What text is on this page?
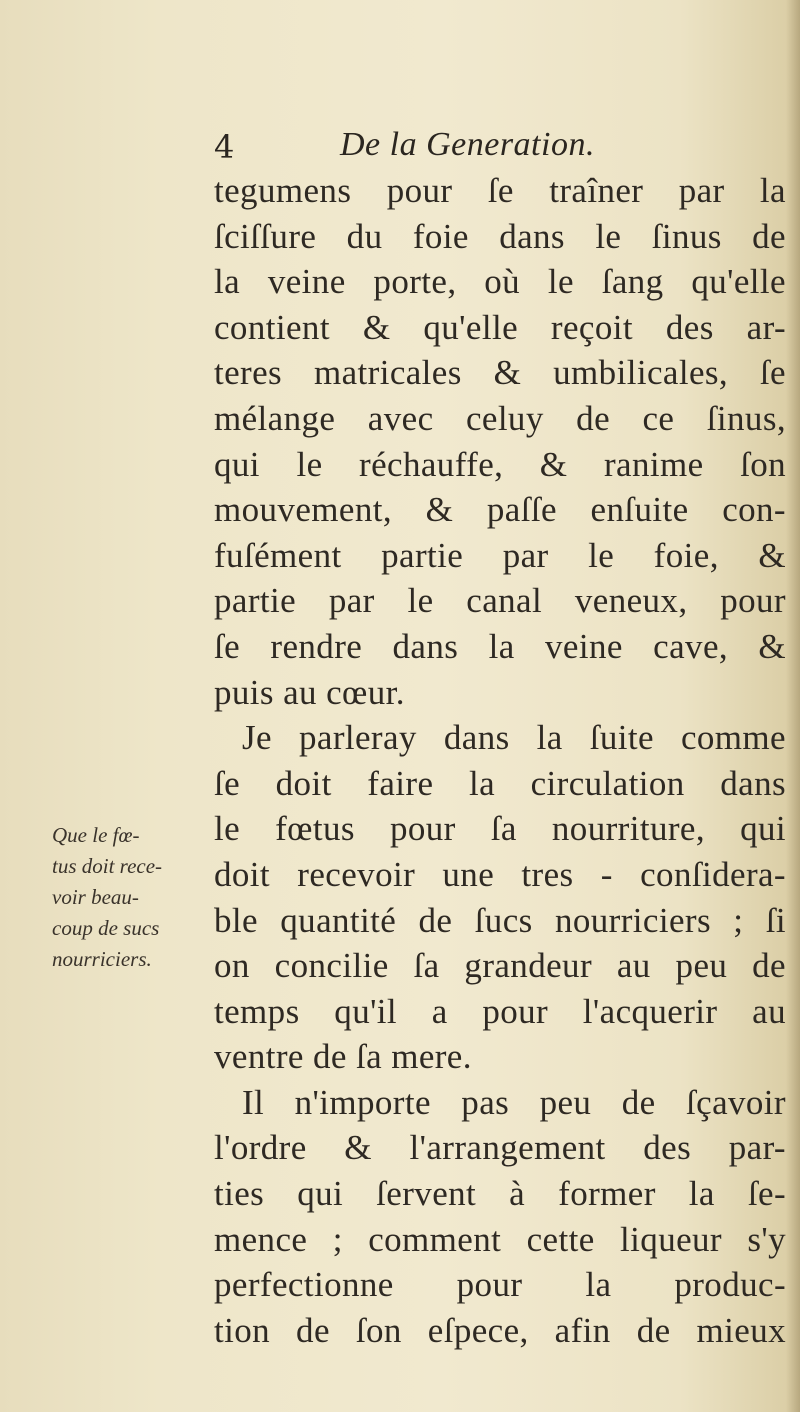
4	De la Generation.
Que le fœ-
tus doit rece-
voir beau-
coup de sucs
nourriciers.
tegumens pour ſe traîner par la
ſciſſure du foie dans le ſinus de
la veine porte, où le ſang qu'elle
contient & qu'elle reçoit des ar-
teres matricales & umbilicales, ſe
mélange avec celuy de ce ſinus,
qui le réchauffe, & ranime ſon
mouvement, & paſſe enſuite con-
fuſément partie par le foie, &
partie par le canal veneux, pour
ſe rendre dans la veine cave, &
puis au cœur.
Je parleray dans la ſuite comme
ſe doit faire la circulation dans
le fœtus pour ſa nourriture, qui
doit recevoir une tres - conſidera-
ble quantité de ſucs nourriciers ; ſi
on concilie ſa grandeur au peu de
temps qu'il a pour l'acquerir au
ventre de ſa mere.
Il n'importe pas peu de ſçavoir
l'ordre & l'arrangement des par-
ties qui ſervent à former la ſe-
mence ; comment cette liqueur s'y
perfectionne pour la produc-
tion de ſon eſpece, afin de mieux
